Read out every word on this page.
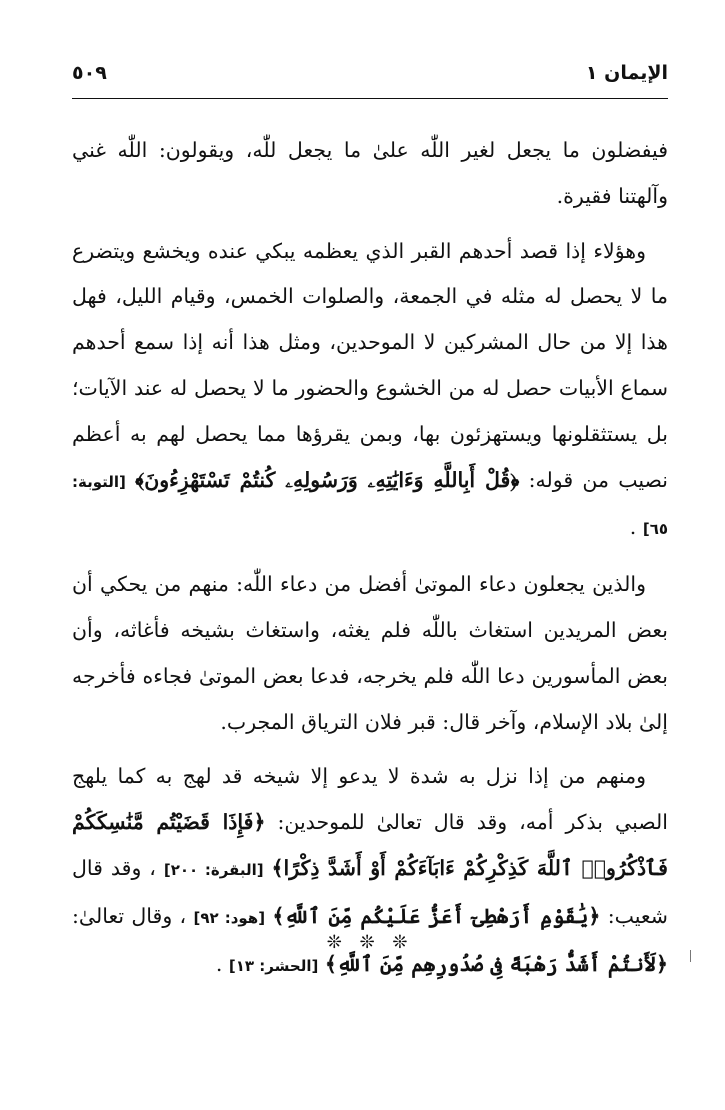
الإيمان ١
٥٠٩

فيفضلون ما يجعل لغير اللّٰه علىٰ ما يجعل للّٰه، ويقولون: اللّٰه غني وآلهتنا فقيرة.

وهؤلاء إذا قصد أحدهم القبر الذي يعظمه يبكي عنده ويخشع ويتضرع ما لا يحصل له مثله في الجمعة، والصلوات الخمس، وقيام الليل، فهل هذا إلا من حال المشركين لا الموحدين، ومثل هذا أنه إذا سمع أحدهم سماع الأبيات حصل له من الخشوع والحضور ما لا يحصل له عند الآيات؛ بل يستثقلونها ويستهزئون بها، وبمن يقرؤها مما يحصل لهم به أعظم نصيب من قوله: ﴿قُلْ أَبِاللَّهِ وَءَايَٰتِهِۦ وَرَسُولِهِۦ كُنتُمْ تَسْتَهْزِءُونَ﴾ [التوبة: ٦٥] .

والذين يجعلون دعاء الموتىٰ أفضل من دعاء اللّٰه: منهم من يحكي أن بعض المريدين استغاث باللّٰه فلم يغثه، واستغاث بشيخه فأغاثه، وأن بعض المأسورين دعا اللّٰه فلم يخرجه، فدعا بعض الموتىٰ فجاءه فأخرجه إلىٰ بلاد الإسلام، وآخر قال: قبر فلان الترياق المجرب.

ومنهم من إذا نزل به شدة لا يدعو إلا شيخه قد لهج به كما يلهج الصبي بذكر أمه، وقد قال تعالىٰ للموحدين: ﴿فَإِذَا قَضَيْتُم مَّنَٰسِكَكُمْ فَٱذْكُرُوا۟ ٱللَّهَ كَذِكْرِكُمْ ءَابَآءَكُمْ أَوْ أَشَدَّ ذِكْرًا﴾ [البقرة: ٢٠٠] ، وقد قال شعيب: ﴿يَٰقَوْمِ أَرَهْطِىٓ أَعَزُّ عَلَيْكُم مِّنَ ٱللَّهِ﴾ [هود: ٩٢] ، وقال تعالىٰ: ﴿لَأَنتُمْ أَشَدُّ رَهْبَةً فِى صُدُورِهِم مِّنَ ٱللَّهِ﴾ [الحشر: ١٣] .

❊ ❊ ❊
